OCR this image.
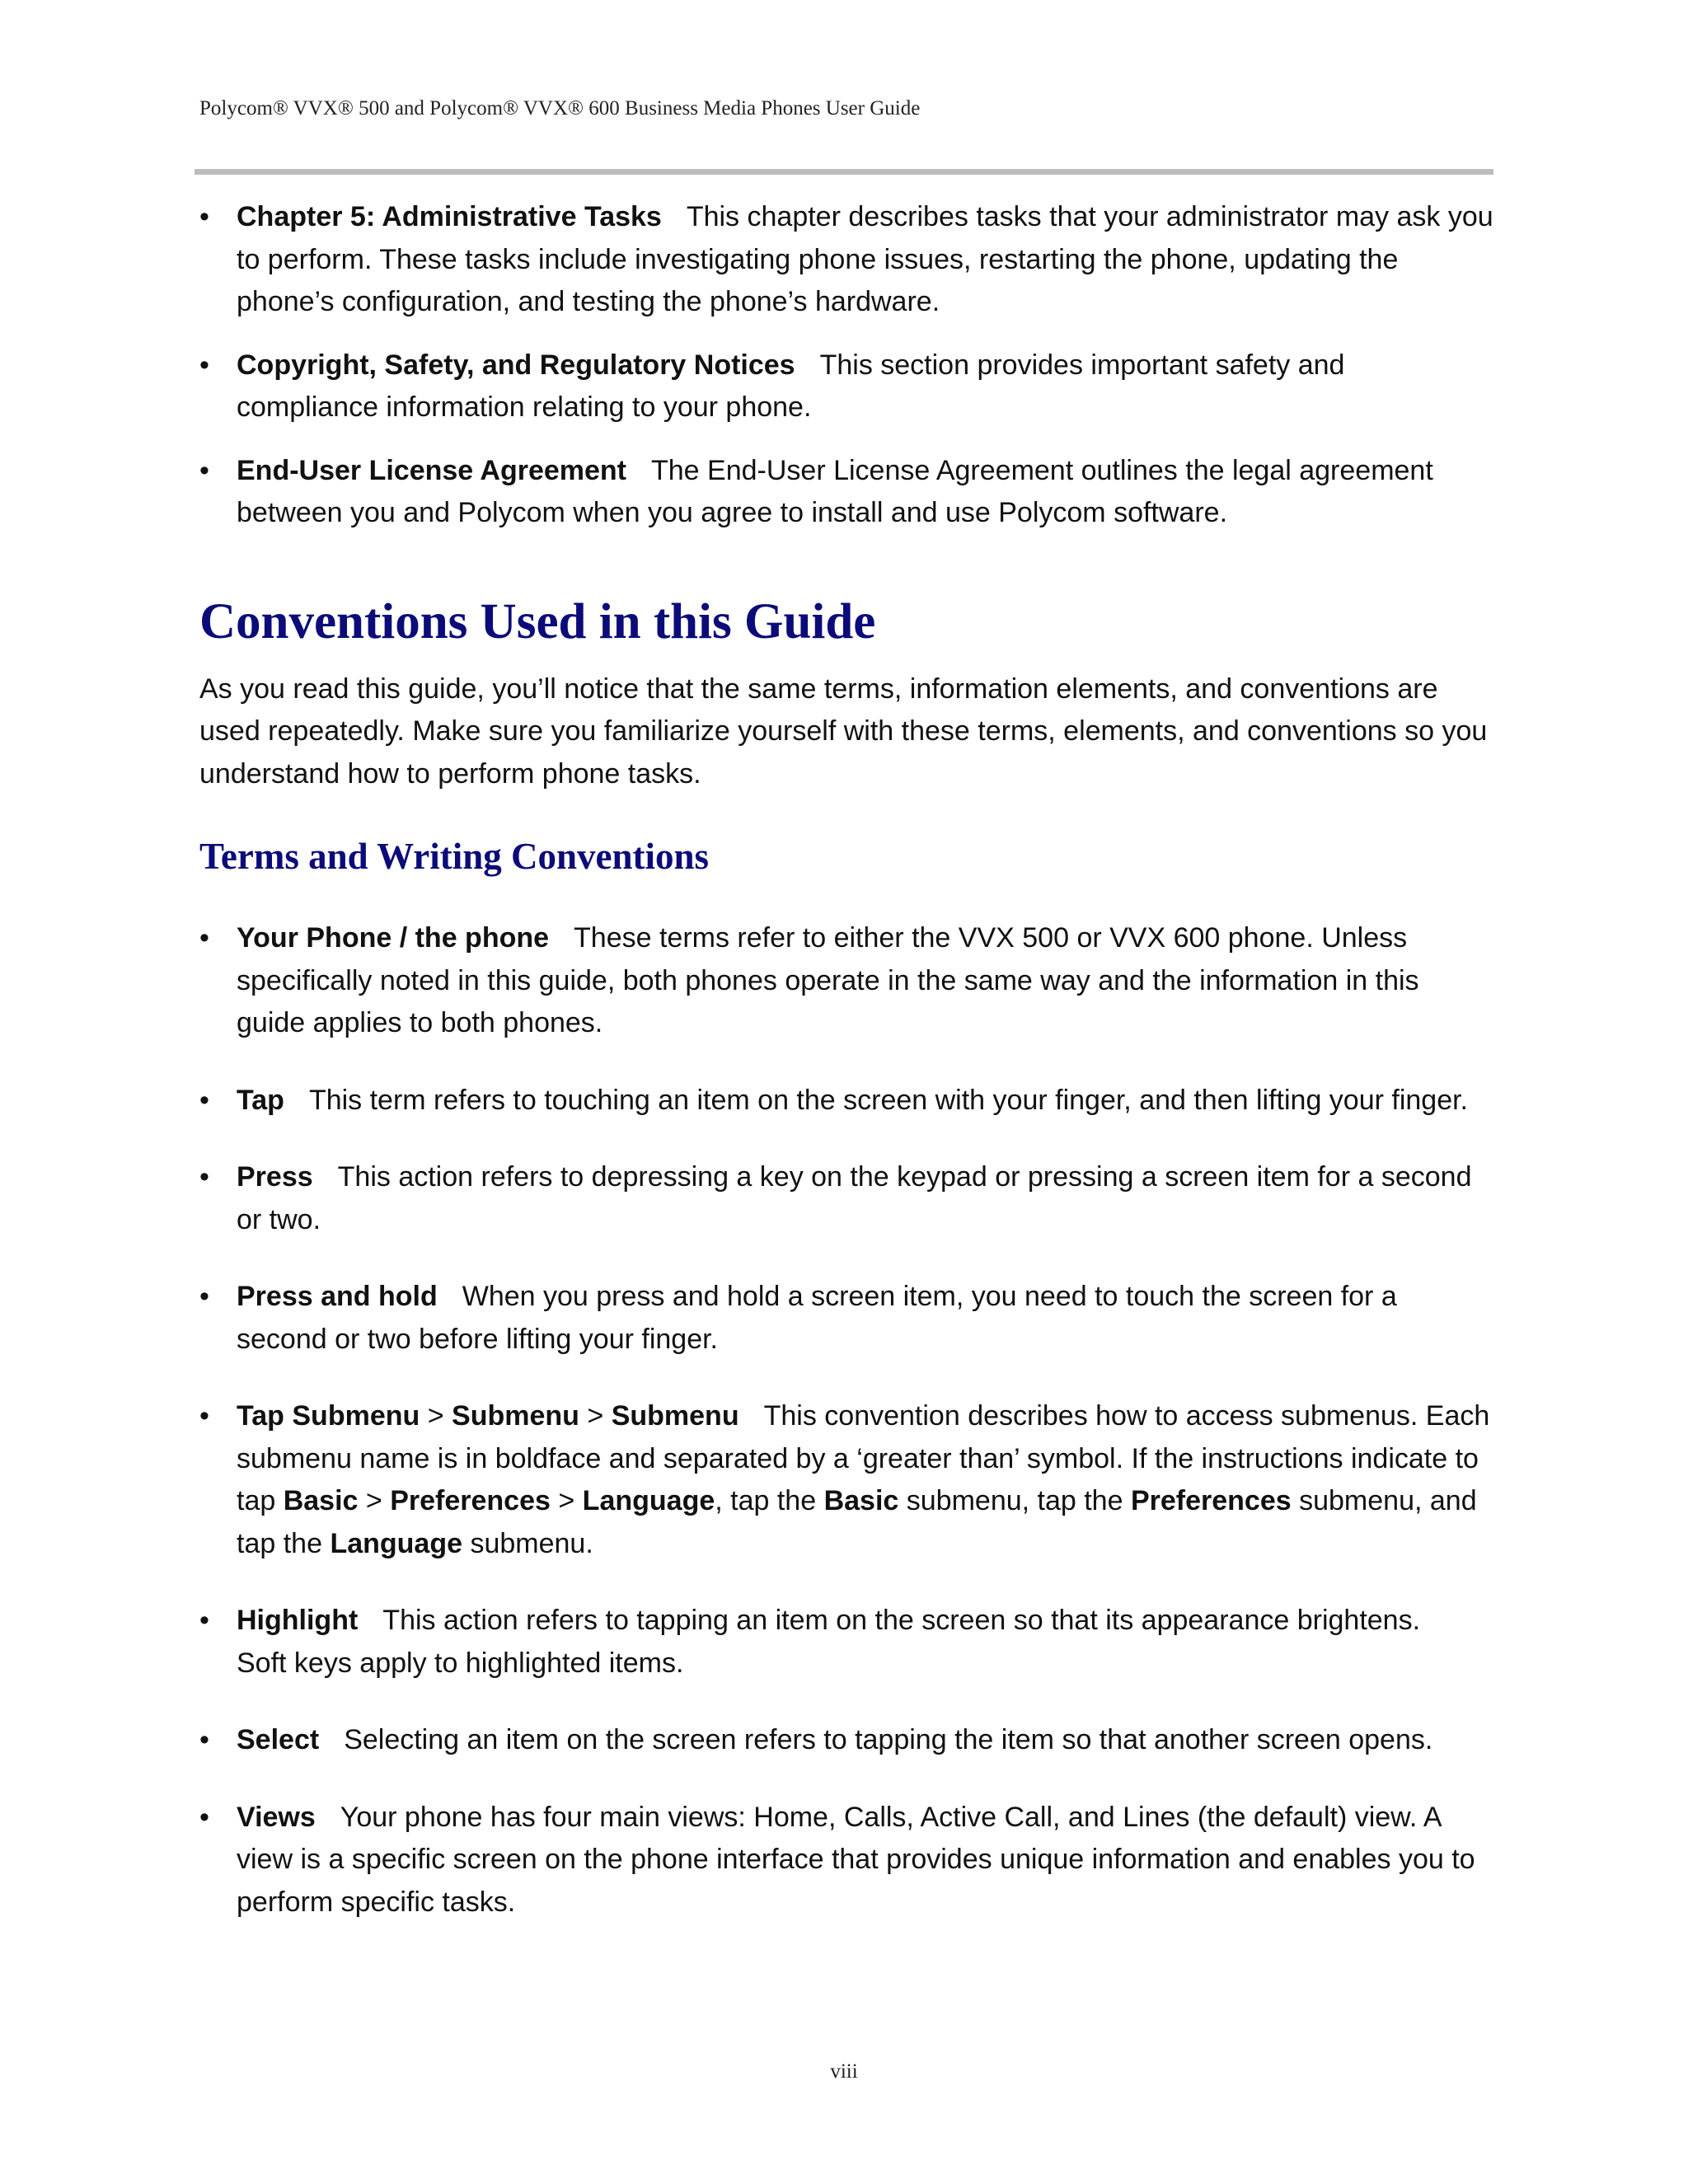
Polycom® VVX® 500 and Polycom® VVX® 600 Business Media Phones User Guide
• Chapter 5: Administrative Tasks This chapter describes tasks that your administrator may ask you to perform. These tasks include investigating phone issues, restarting the phone, updating the phone’s configuration, and testing the phone’s hardware.
• Copyright, Safety, and Regulatory Notices This section provides important safety and compliance information relating to your phone.
• End-User License Agreement The End-User License Agreement outlines the legal agreement between you and Polycom when you agree to install and use Polycom software.
Conventions Used in this Guide

As you read this guide, you’ll notice that the same terms, information elements, and conventions are used repeatedly. Make sure you familiarize yourself with these terms, elements, and conventions so you understand how to perform phone tasks.

Terms and Writing Conventions
• Your Phone / the phone These terms refer to either the VVX 500 or VVX 600 phone. Unless specifically noted in this guide, both phones operate in the same way and the information in this guide applies to both phones.
• Tap This term refers to touching an item on the screen with your finger, and then lifting your finger.
• Press This action refers to depressing a key on the keypad or pressing a screen item for a second or two.
• Press and hold When you press and hold a screen item, you need to touch the screen for a second or two before lifting your finger.
• Tap Submenu > Submenu > Submenu This convention describes how to access submenus. Each submenu name is in boldface and separated by a ‘greater than’ symbol. If the instructions indicate to tap Basic > Preferences > Language, tap the Basic submenu, tap the Preferences submenu, and tap the Language submenu.
• Highlight This action refers to tapping an item on the screen so that its appearance brightens.
Soft keys apply to highlighted items.
• Select Selecting an item on the screen refers to tapping the item so that another screen opens.
• Views Your phone has four main views: Home, Calls, Active Call, and Lines (the default) view. A view is a specific screen on the phone interface that provides unique information and enables you to perform specific tasks.
viii
